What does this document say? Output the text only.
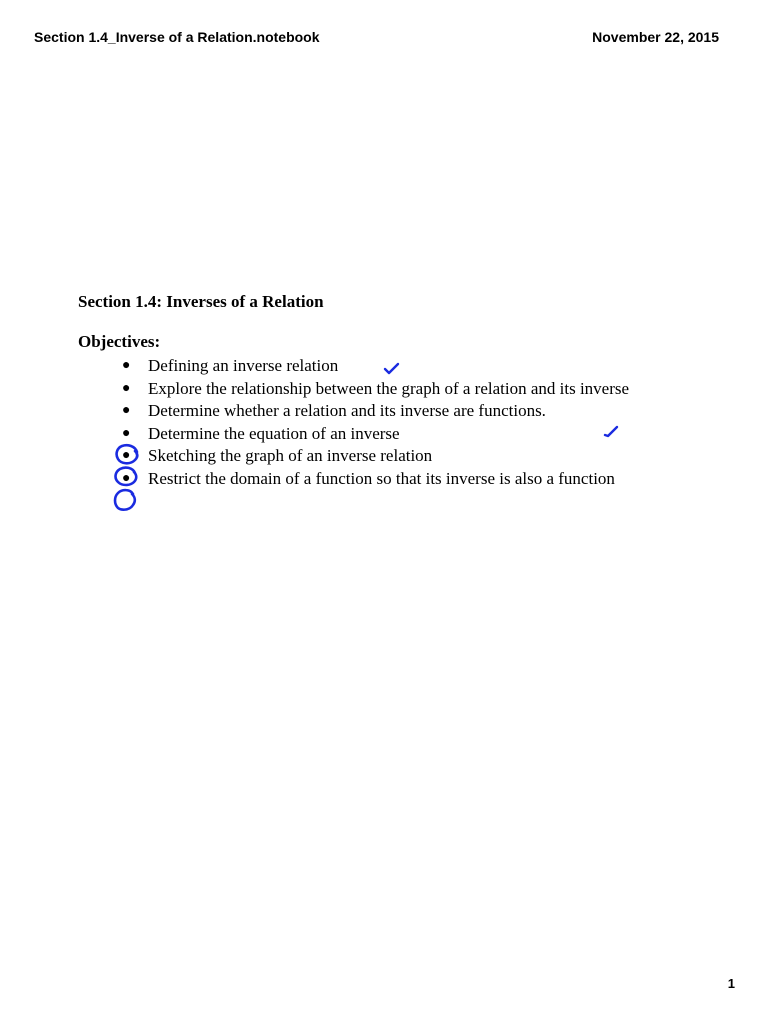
Section 1.4_Inverse of a Relation.notebook	November 22, 2015
Section 1.4: Inverses of a Relation
Objectives:
● Defining an inverse relation
● Explore the relationship between the graph of a relation and its inverse
● Determine whether a relation and its inverse are functions.
● Determine the equation of an inverse
● Sketching the graph of an inverse relation
● Restrict the domain of a function so that its inverse is also a function
1
